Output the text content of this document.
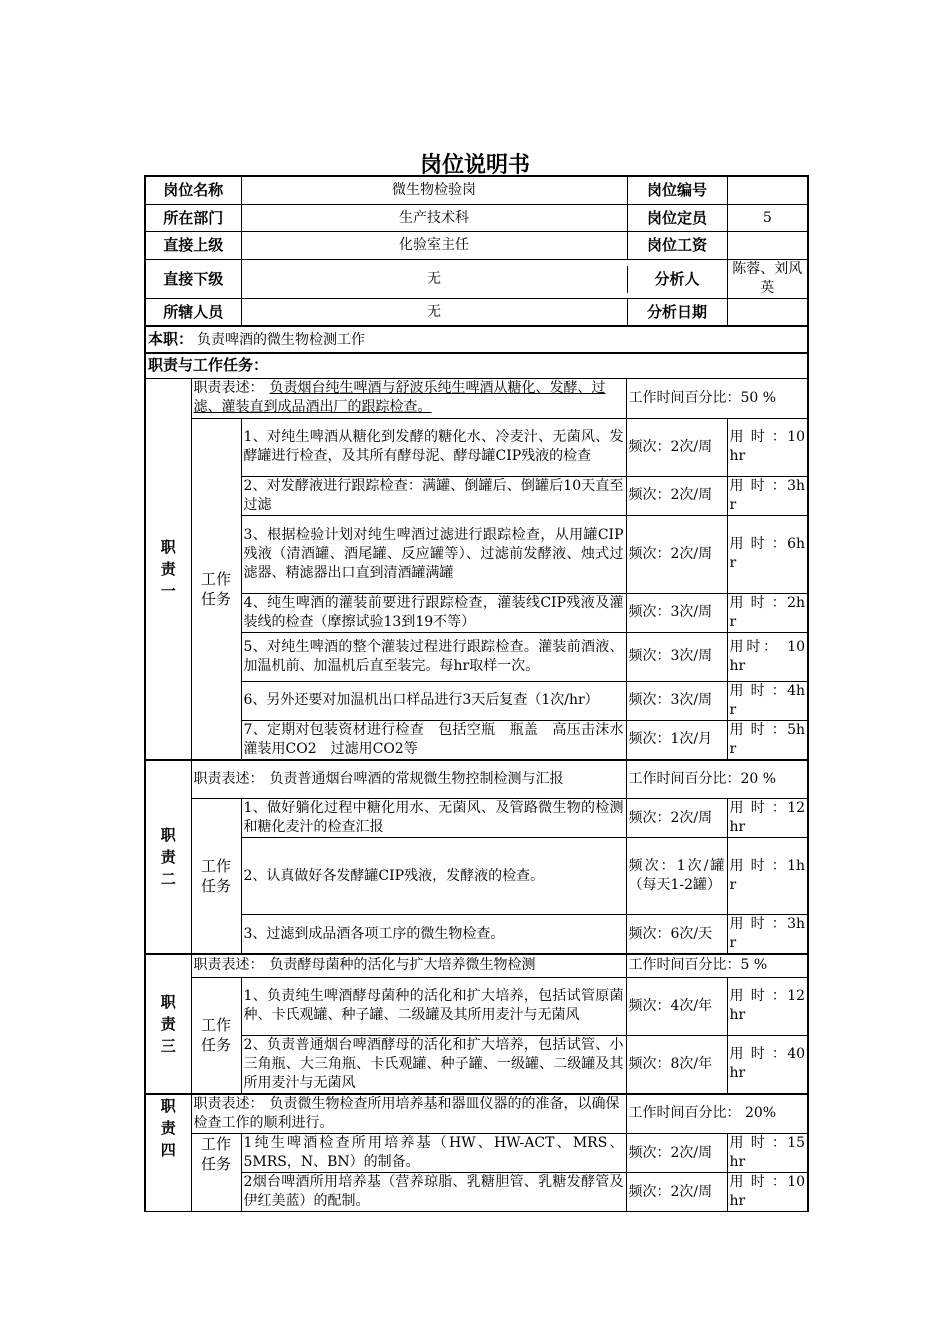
岗位说明书
岗位名称		微生物检验岗 岗位编号		

所在部门		生产技术科 岗位定员		5
直接上级		化验室主任 岗位工资		

直接下级		无 分析人		陈蓉、刘风英
所辖人员		无 分析日期		

本职： 负责啤酒的微生物检测工作				
职责与工作任务：				
职责一	职责表述： 负责烟台纯生啤酒与舒波乐纯生啤酒从糖化、发酵、过滤、灌装直到成品酒出厂的跟踪检查。		工作时间百分比：50 %	
	工作任务	1、对纯生啤酒从糖化到发酵的糖化水、冷麦汁、无菌风、发酵罐进行检查，及其所有酵母泥、酵母罐CIP残液的检查	频次：2次/周	用 时 ：10hr
		2、对发酵液进行跟踪检查：满罐、倒罐后、倒罐后10天直至过滤	频次：2次/周	用 时 ：3hr
		3、根据检验计划对纯生啤酒过滤进行跟踪检查，从用罐CIP残液（清酒罐、酒尾罐、反应罐等）、过滤前发酵液、烛式过滤器、精滤器出口直到清酒罐满罐	频次：2次/周	用 时 ：6hr
		4、纯生啤酒的灌装前要进行跟踪检查，灌装线CIP残液及灌装线的检查（摩擦试验13到19不等）	频次：3次/周	用 时 ：2hr
		5、对纯生啤酒的整个灌装过程进行跟踪检查。灌装前酒液、加温机前、加温机后直至装完。每hr取样一次。	频次：3次/周	用时： 10 hr
		6、另外还要对加温机出口样品进行3天后复查（1次/hr）	频次：3次/周	用 时 ：4hr
		7、定期对包装资材进行检查　包括空瓶　瓶盖　高压击沫水　灌装用CO2　过滤用CO2等	频次：1次/月	用 时 ：5hr
职责二	职责表述： 负责普通烟台啤酒的常规微生物控制检测与汇报		工作时间百分比：20 %	
	工作任务	1、做好躺化过程中糖化用水、无菌风、及管路微生物的检测和糖化麦汁的检查汇报	频次：2次/周	用 时 ：12hr
		2、认真做好各发酵罐CIP残液，发酵液的检查。	频次：1次/罐（每天1-2罐）	用 时 ：1hr
		3、过滤到成品酒各项工序的微生物检查。	频次：6次/天	用 时 ：3hr
职责三	职责表述： 负责酵母菌种的活化与扩大培养微生物检测		工作时间百分比：5 %	
	工作任务	1、负责纯生啤酒酵母菌种的活化和扩大培养，包括试管原菌种、卡氏观罐、种子罐、二级罐及其所用麦汁与无菌风	频次：4次/年	用 时 ：12hr
		2、负责普通烟台啤酒酵母的活化和扩大培养，包括试管、小三角瓶、大三角瓶、卡氏观罐、种子罐、一级罐、二级罐及其所用麦汁与无菌风	频次：8次/年	用 时 ：40hr
职责四	职责表述： 负责微生物检查所用培养基和器皿仪器的的准备，以确保检查工作的顺利进行。		工作时间百分比： 20%	
	工作任务	1纯生啤酒检查所用培养基（HW、HW-ACT、MRS、5MRS，N、BN）的制备。	频次：2次/周	用 时 ：15hr
		2烟台啤酒所用培养基（营养琼脂、乳糖胆管、乳糖发酵管及伊红美蓝）的配制。	频次：2次/周	用 时 ：10hr
